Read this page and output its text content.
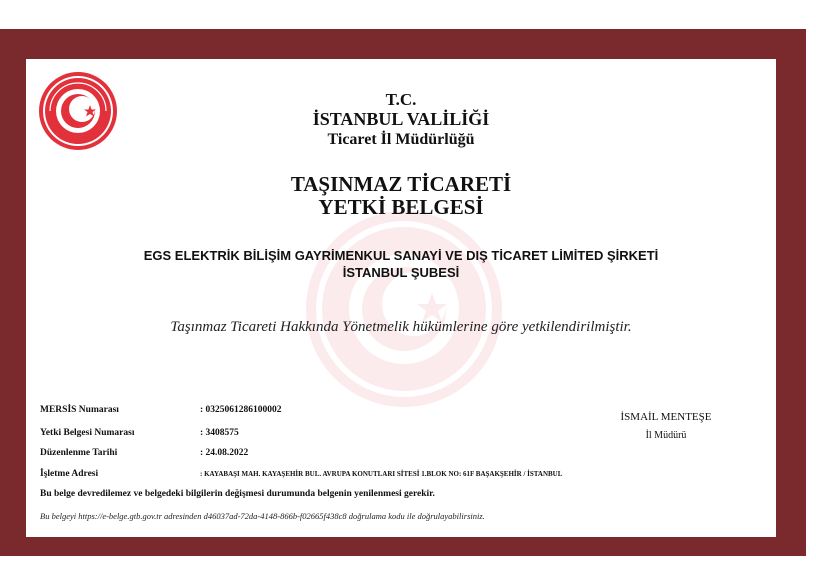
T.C.
İSTANBUL VALİLİĞİ
Ticaret İl Müdürlüğü
TAŞINMAZ TİCARETİ
YETKİ BELGESİ
EGS ELEKTRİK BİLİŞİM GAYRİMENKUL SANAYİ VE DIŞ TİCARET LİMİTED ŞİRKETİ
İSTANBUL ŞUBESİ
Taşınmaz Ticareti Hakkında Yönetmelik hükümlerine göre yetkilendirilmiştir.
MERSİS Numarası	: 0325061286100002
Yetki Belgesi Numarası	: 3408575
Düzenlenme Tarihi	: 24.08.2022
İşletme Adresi	: KAYABAŞI MAH. KAYAŞEHİR BUL. AVRUPA KONUTLARI SİTESİ 1.BLOK NO: 61F BAŞAKŞEHİR / İSTANBUL
İSMAİL MENTEŞE
İl Müdürü
Bu belge devredilemez ve belgedeki bilgilerin değişmesi durumunda belgenin yenilenmesi gerekir.
Bu belgeyi https://e-belge.gtb.gov.tr adresinden d46037ad-72da-4148-866b-f02665f438c8 doğrulama kodu ile doğrulayabilirsiniz.
